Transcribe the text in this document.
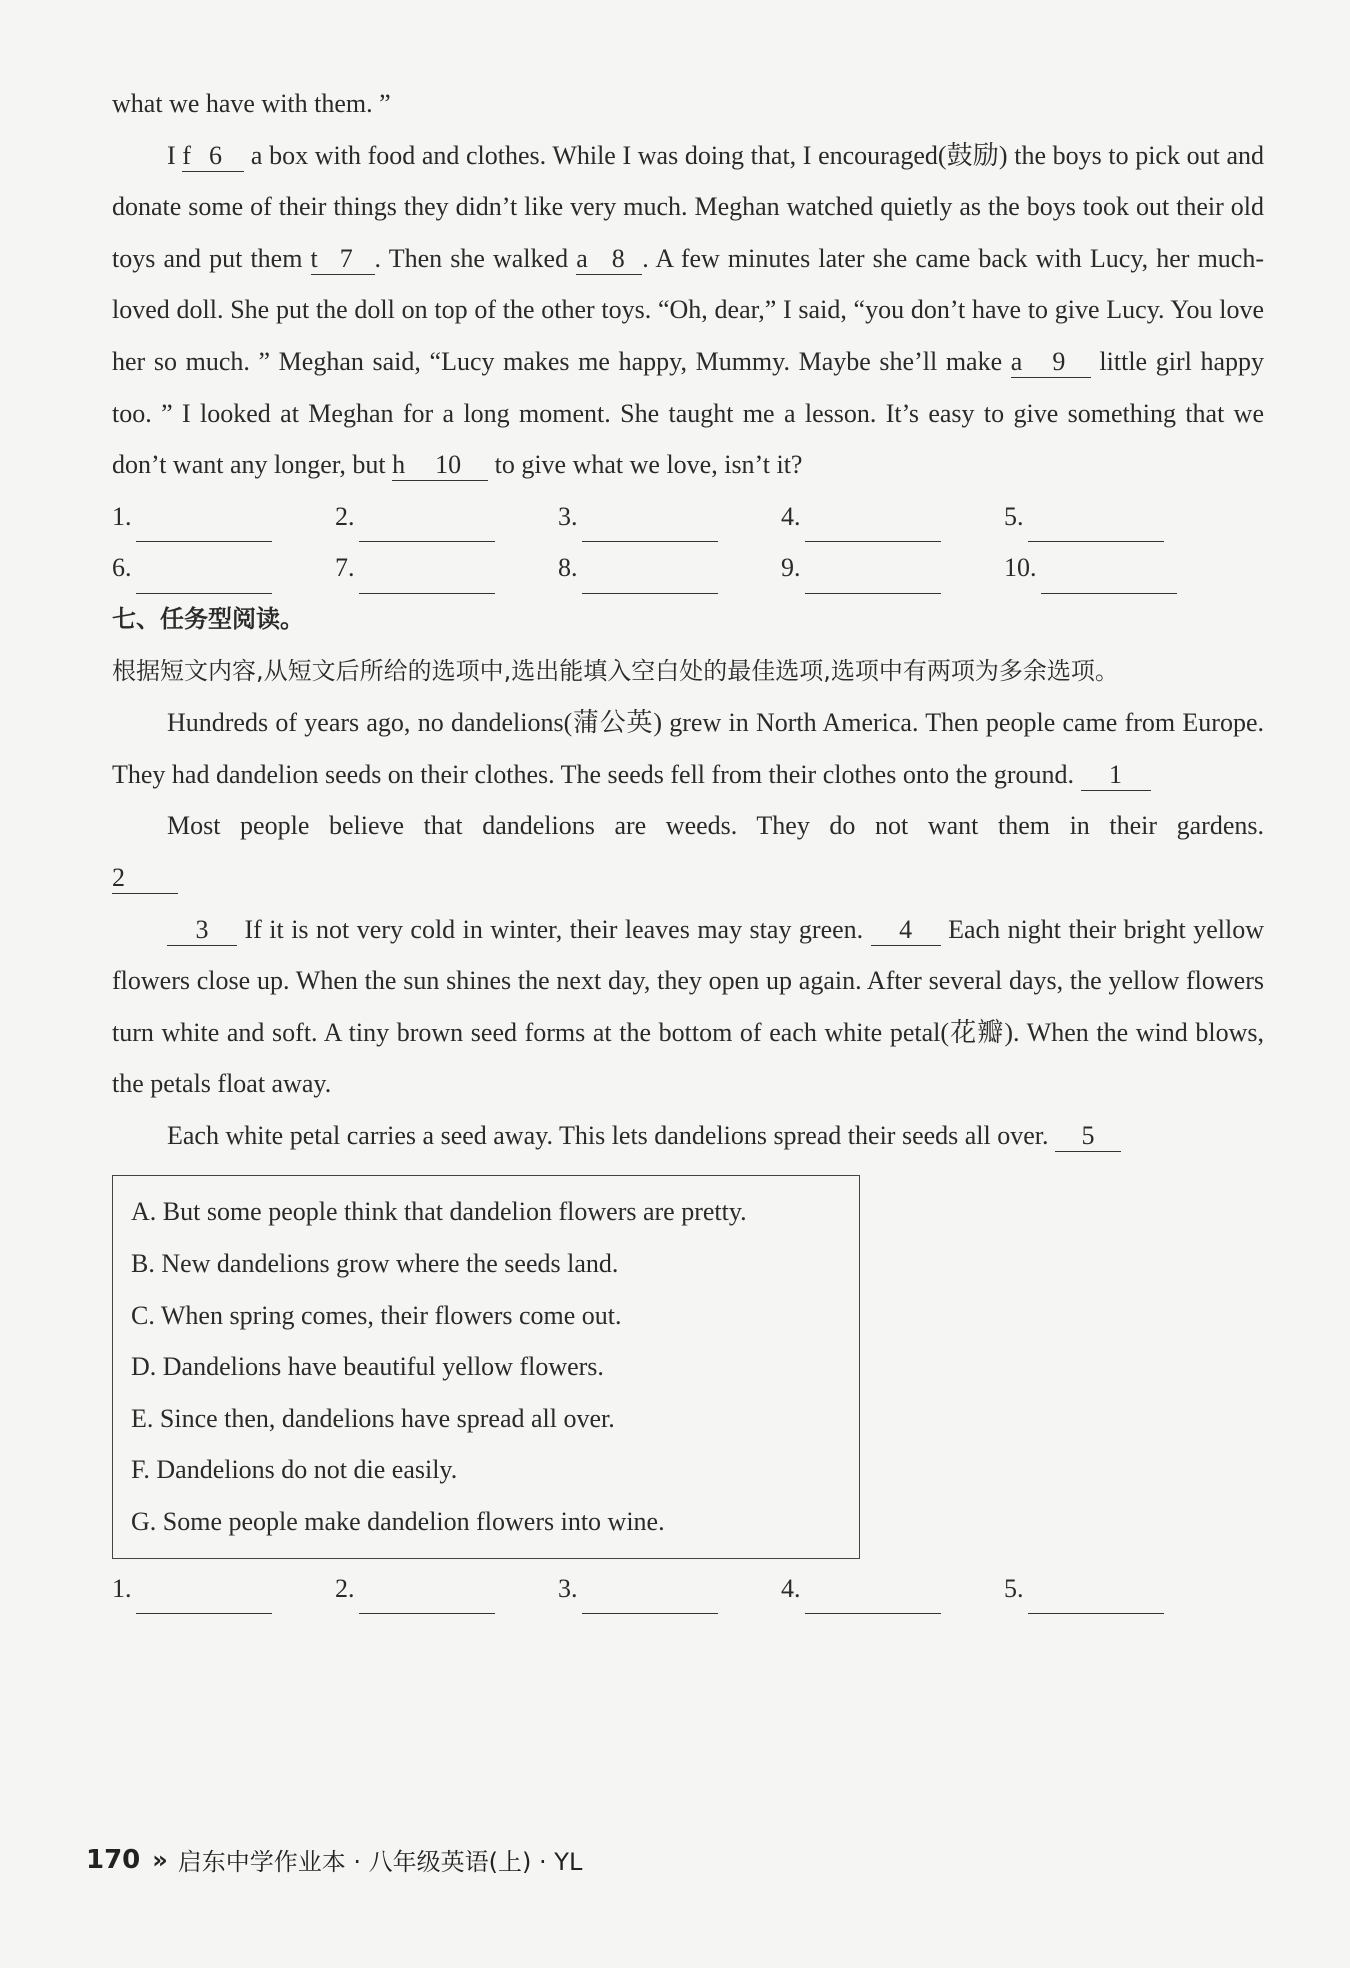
what we have with them. ”

I f 6 a box with food and clothes. While I was doing that, I encouraged(鼓励) the boys to pick out and donate some of their things they didn’t like very much. Meghan watched quietly as the boys took out their old toys and put them t 7 . Then she walked a 8 . A few minutes later she came back with Lucy, her much-loved doll. She put the doll on top of the other toys. “Oh, dear,” I said, “you don’t have to give Lucy. You love her so much. ” Meghan said, “Lucy makes me happy, Mummy. Maybe she’ll make a 9 little girl happy too. ” I looked at Meghan for a long moment. She taught me a lesson. It’s easy to give something that we don’t want any longer, but h 10 to give what we love, isn’t it?

1.	2.	3.	4.	5.
6.	7.	8.	9.	10.

七、任务型阅读。

根据短文内容,从短文后所给的选项中,选出能填入空白处的最佳选项,选项中有两项为多余选项。

Hundreds of years ago, no dandelions(蒲公英) grew in North America. Then people came from Europe. They had dandelion seeds on their clothes. The seeds fell from their clothes onto the ground. 1

Most people believe that dandelions are weeds. They do not want them in their gardens. 2

3 If it is not very cold in winter, their leaves may stay green. 4 Each night their bright yellow flowers close up. When the sun shines the next day, they open up again. After several days, the yellow flowers turn white and soft. A tiny brown seed forms at the bottom of each white petal(花瓣). When the wind blows, the petals float away.

Each white petal carries a seed away. This lets dandelions spread their seeds all over. 5

A. But some people think that dandelion flowers are pretty.

B. New dandelions grow where the seeds land.

C. When spring comes, their flowers come out.

D. Dandelions have beautiful yellow flowers.

E. Since then, dandelions have spread all over.

F. Dandelions do not die easily.

G. Some people make dandelion flowers into wine.

1.	2.	3.	4.	5.
170 » 启东中学作业本 · 八年级英语(上) · YL
